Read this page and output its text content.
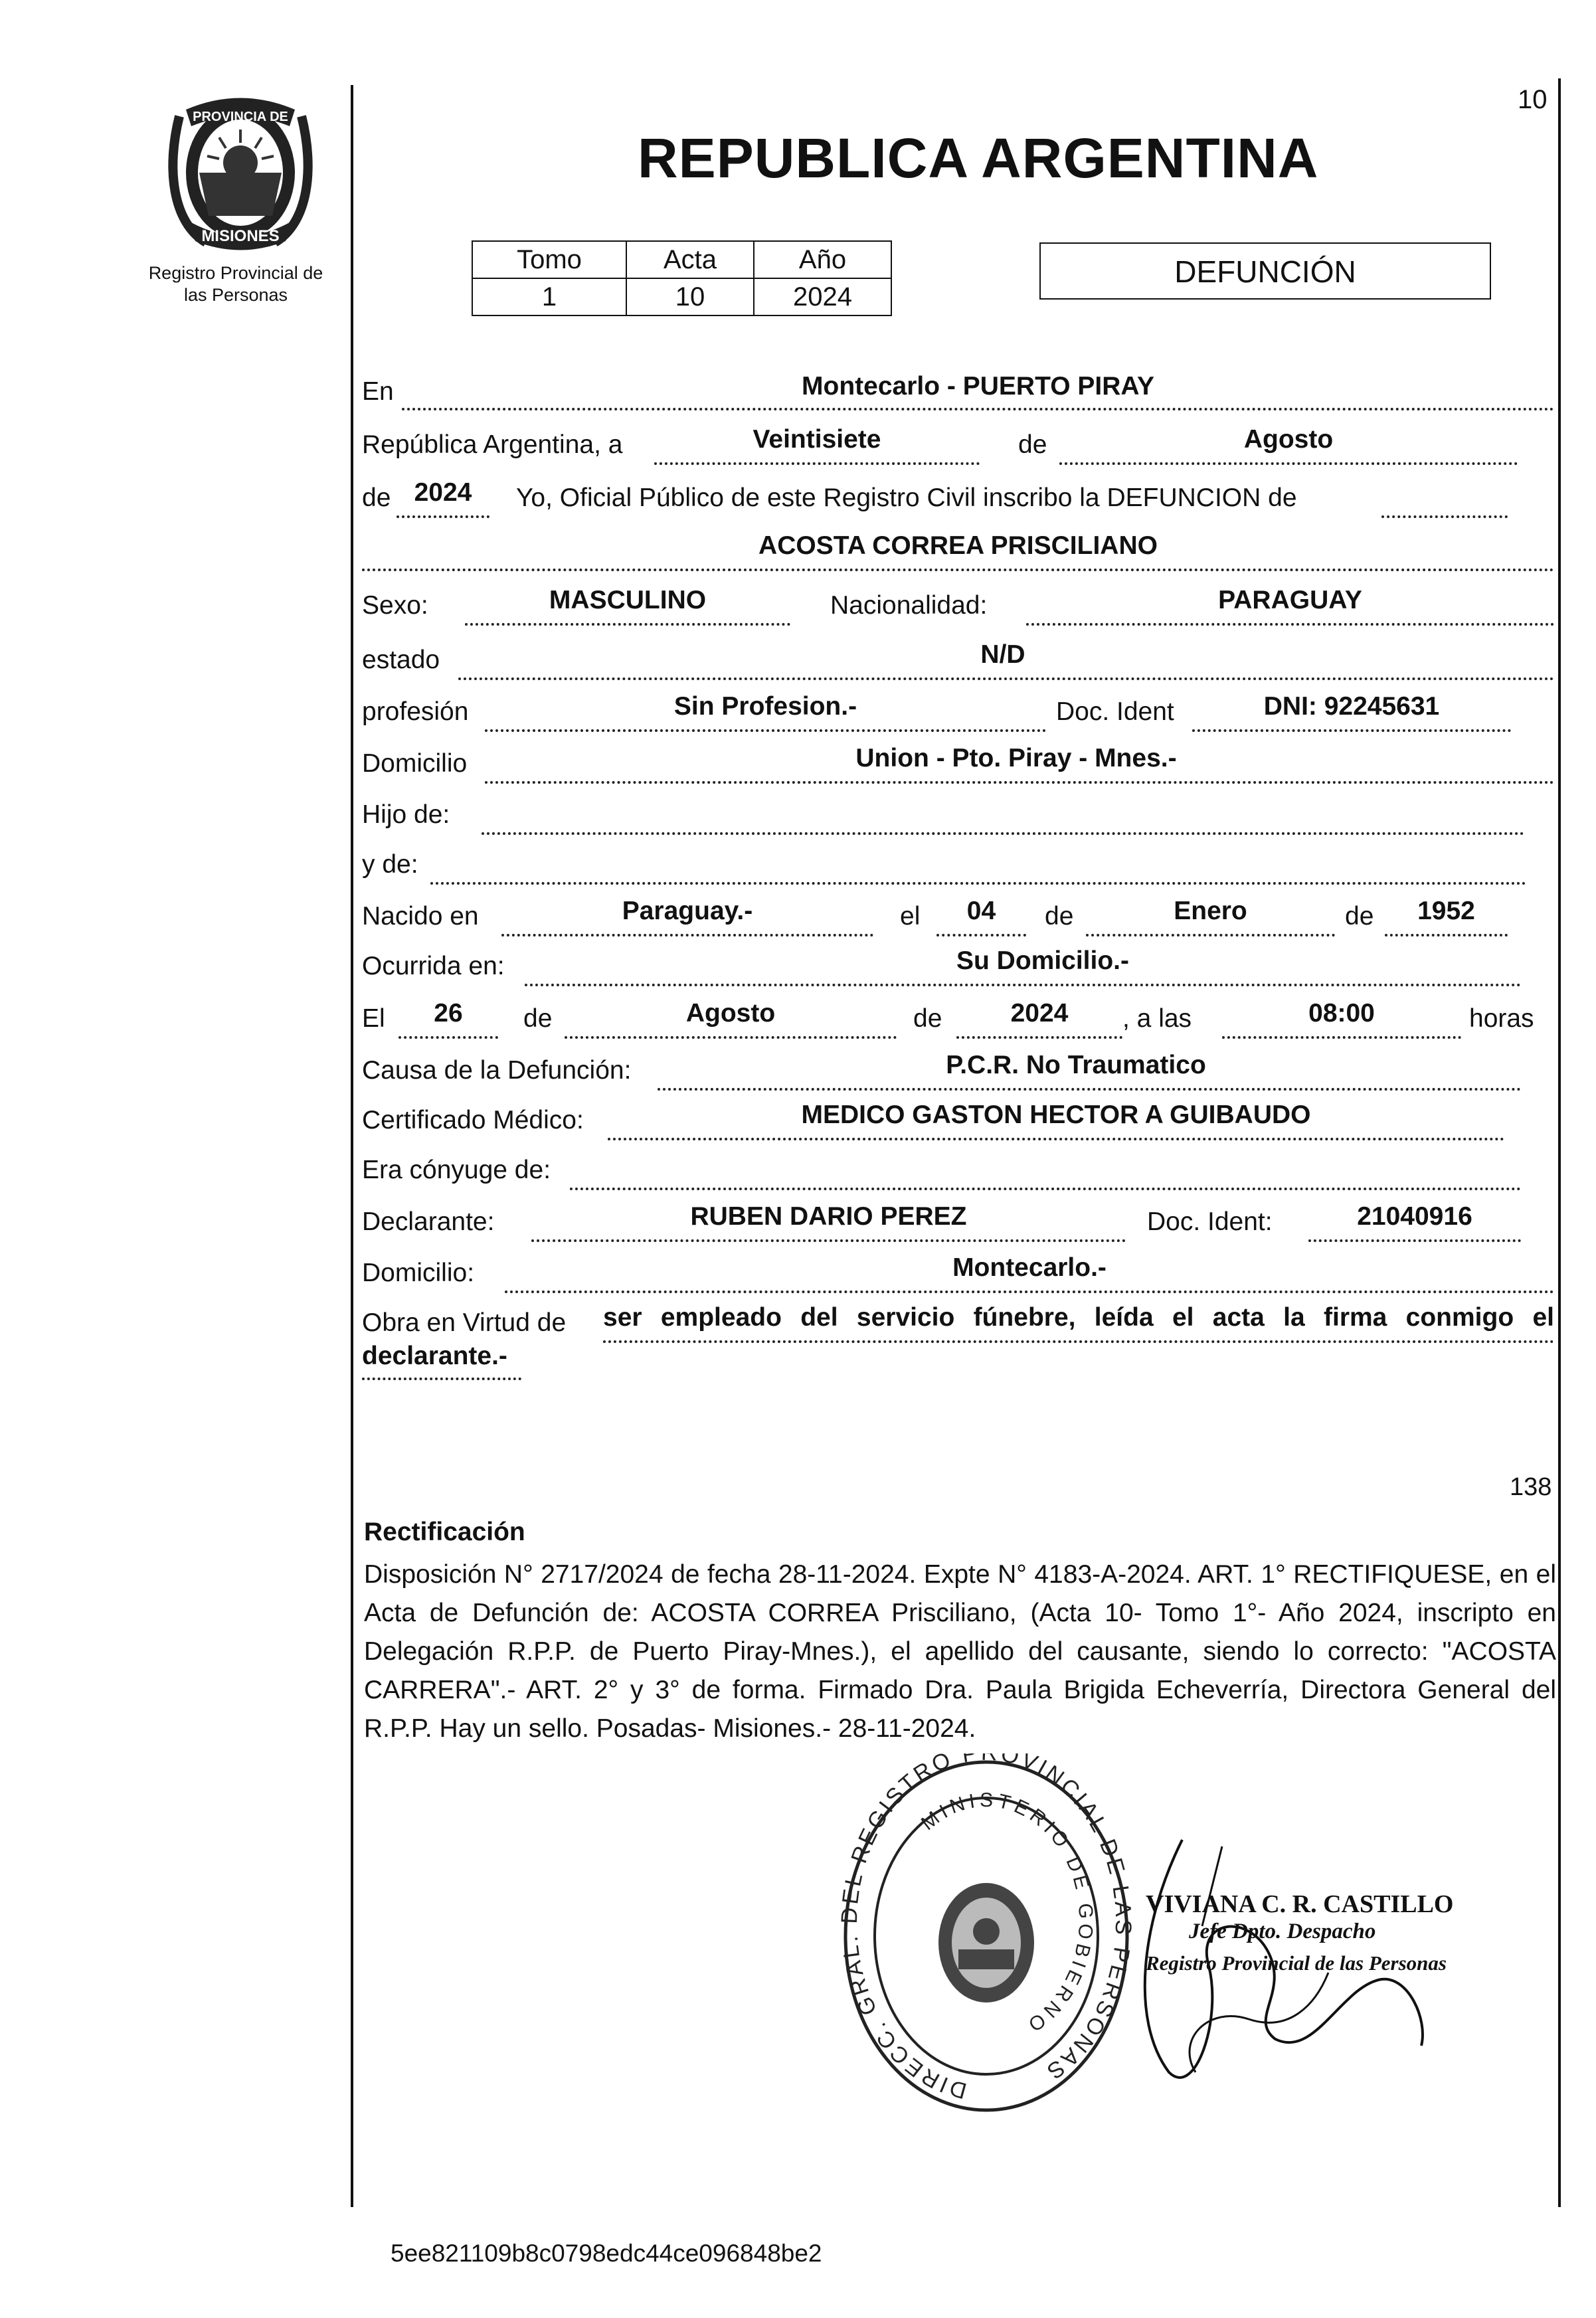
10
PROVINCIA DE
MISIONES
Registro Provincial de
las Personas
REPUBLICA ARGENTINA
Tomo	Acta	Año
1	10	2024
DEFUNCIÓN
En	Montecarlo - PUERTO PIRAY
República Argentina, a	Veintisiete	de	Agosto
de 2024	Yo, Oficial Público de este Registro Civil inscribo la DEFUNCION de
ACOSTA CORREA PRISCILIANO
Sexo:	MASCULINO	Nacionalidad:	PARAGUAY
estado	N/D
profesión	Sin Profesion.-	Doc. Ident	DNI: 92245631
Domicilio	Union - Pto. Piray - Mnes.-
Hijo de:
y de:
Nacido en	Paraguay.-	el	04	de	Enero	de	1952
Ocurrida en:	Su Domicilio.-
El	26	de	Agosto	de	2024	, a las	08:00	horas
Causa de la Defunción:	P.C.R. No Traumatico
Certificado Médico:	MEDICO GASTON HECTOR A GUIBAUDO
Era cónyuge de:
Declarante:	RUBEN DARIO PEREZ	Doc. Ident:	21040916
Domicilio:	Montecarlo.-
Obra en Virtud de ser empleado del servicio fúnebre, leída el acta la firma conmigo el
declarante.-
138
Rectificación
Disposición N° 2717/2024 de fecha 28-11-2024. Expte N° 4183-A-2024. ART. 1° RECTIFIQUESE, en el Acta de Defunción de: ACOSTA CORREA Prisciliano, (Acta 10- Tomo 1°- Año 2024, inscripto en Delegación R.P.P. de Puerto Piray-Mnes.), el apellido del causante, siendo lo correcto: "ACOSTA CARRERA".- ART. 2° y 3° de forma. Firmado Dra. Paula Brigida Echeverría, Directora General del R.P.P. Hay un sello. Posadas- Misiones.- 28-11-2024.
DIRECC. GRAL EL REGISTRO P OVINCIAL DE L PERSONAS
MINISTERIO DE GOBIERNO
VIVIANA C. R. CASTILLO
Jefe Dpto. Despacho
Registro Provincial de las Personas
5ee821109b8c0798edc44ce096848be2
